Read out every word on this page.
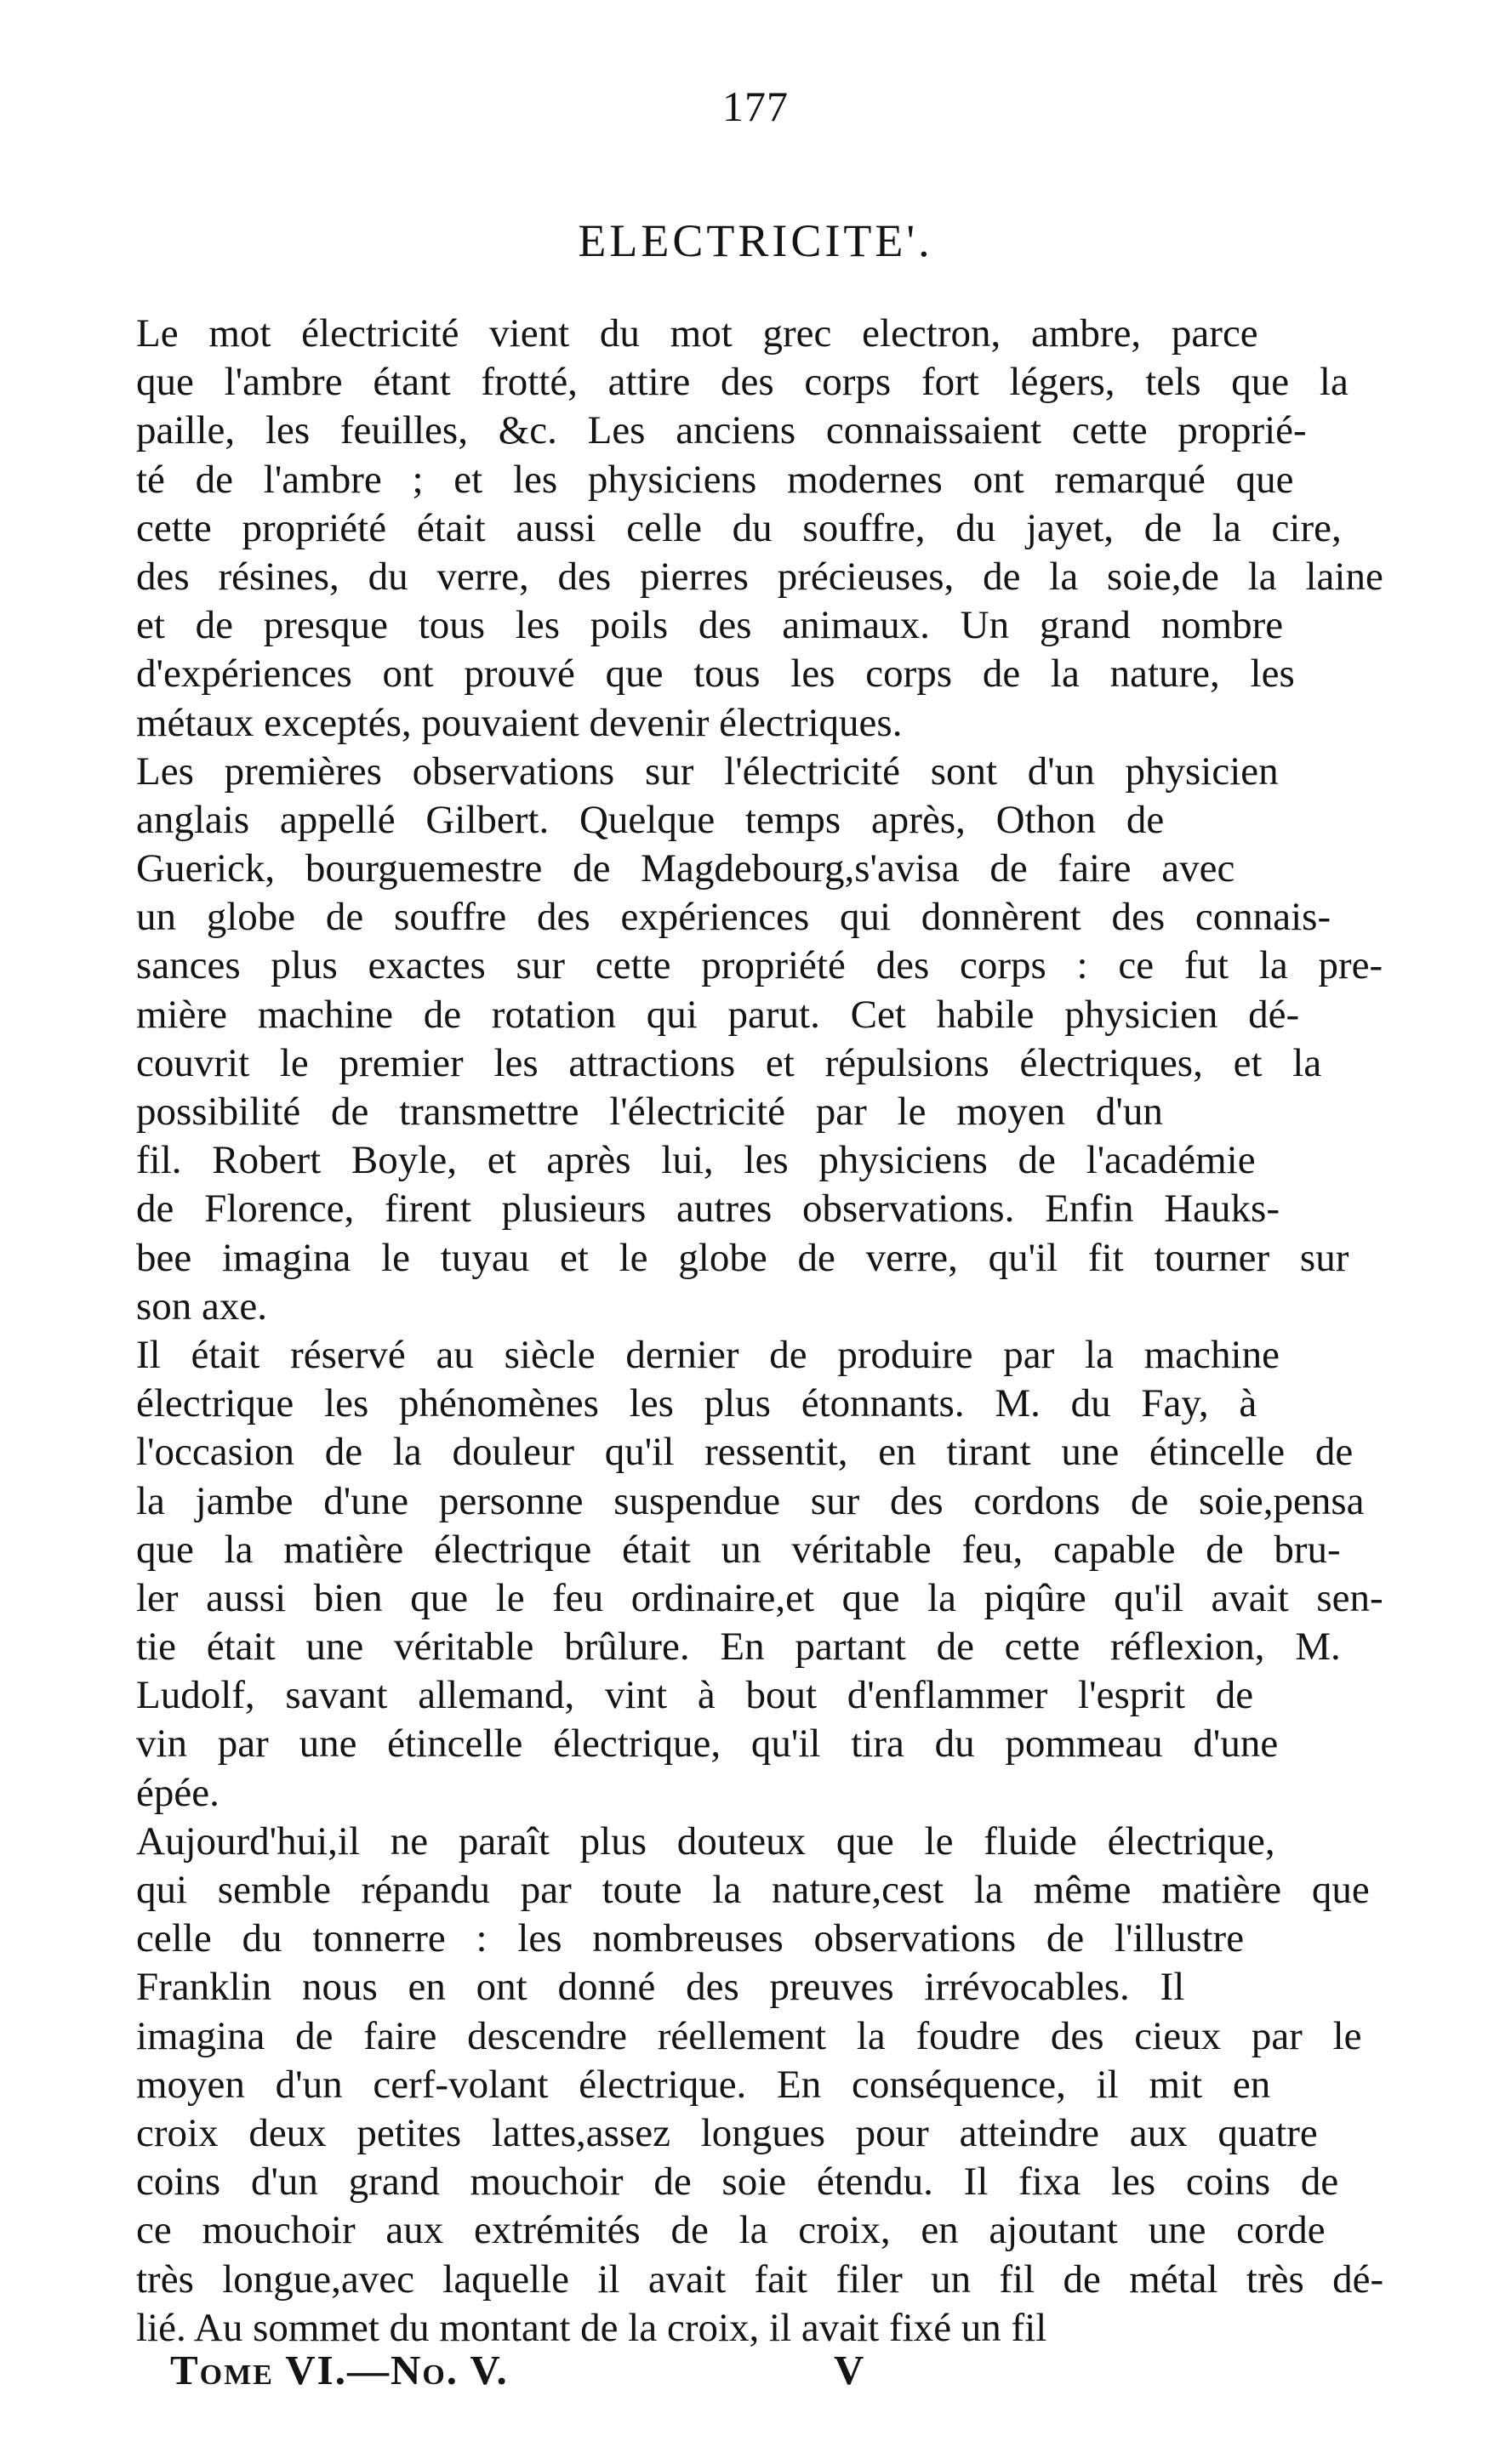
177
ELECTRICITE'.
Le mot électricité vient du mot grec electron, ambre, parce
que l'ambre étant frotté, attire des corps fort légers, tels que la
paille, les feuilles, &c. Les anciens connaissaient cette proprié-
té de l'ambre ; et les physiciens modernes ont remarqué que
cette propriété était aussi celle du souffre, du jayet, de la cire,
des résines, du verre, des pierres précieuses, de la soie,de la laine
et de presque tous les poils des animaux. Un grand nombre
d'expériences ont prouvé que tous les corps de la nature, les
métaux exceptés, pouvaient devenir électriques.
Les premières observations sur l'électricité sont d'un physicien
anglais appellé Gilbert. Quelque temps après, Othon de
Guerick, bourguemestre de Magdebourg,s'avisa de faire avec
un globe de souffre des expériences qui donnèrent des connais-
sances plus exactes sur cette propriété des corps : ce fut la pre-
mière machine de rotation qui parut. Cet habile physicien dé-
couvrit le premier les attractions et répulsions électriques, et la
possibilité de transmettre l'électricité par le moyen d'un
fil. Robert Boyle, et après lui, les physiciens de l'académie
de Florence, firent plusieurs autres observations. Enfin Hauks-
bee imagina le tuyau et le globe de verre, qu'il fit tourner sur
son axe.
Il était réservé au siècle dernier de produire par la machine
électrique les phénomènes les plus étonnants. M. du Fay, à
l'occasion de la douleur qu'il ressentit, en tirant une étincelle de
la jambe d'une personne suspendue sur des cordons de soie,pensa
que la matière électrique était un véritable feu, capable de bru-
ler aussi bien que le feu ordinaire,et que la piqûre qu'il avait sen-
tie était une véritable brûlure. En partant de cette réflexion, M.
Ludolf, savant allemand, vint à bout d'enflammer l'esprit de
vin par une étincelle électrique, qu'il tira du pommeau d'une
épée.
Aujourd'hui,il ne paraît plus douteux que le fluide électrique,
qui semble répandu par toute la nature,cest la même matière que
celle du tonnerre : les nombreuses observations de l'illustre
Franklin nous en ont donné des preuves irrévocables. Il
imagina de faire descendre réellement la foudre des cieux par le
moyen d'un cerf-volant électrique. En conséquence, il mit en
croix deux petites lattes,assez longues pour atteindre aux quatre
coins d'un grand mouchoir de soie étendu. Il fixa les coins de
ce mouchoir aux extrémités de la croix, en ajoutant une corde
très longue,avec laquelle il avait fait filer un fil de métal très dé-
lié. Au sommet du montant de la croix, il avait fixé un fil
Tome VI.—No. V.	V
